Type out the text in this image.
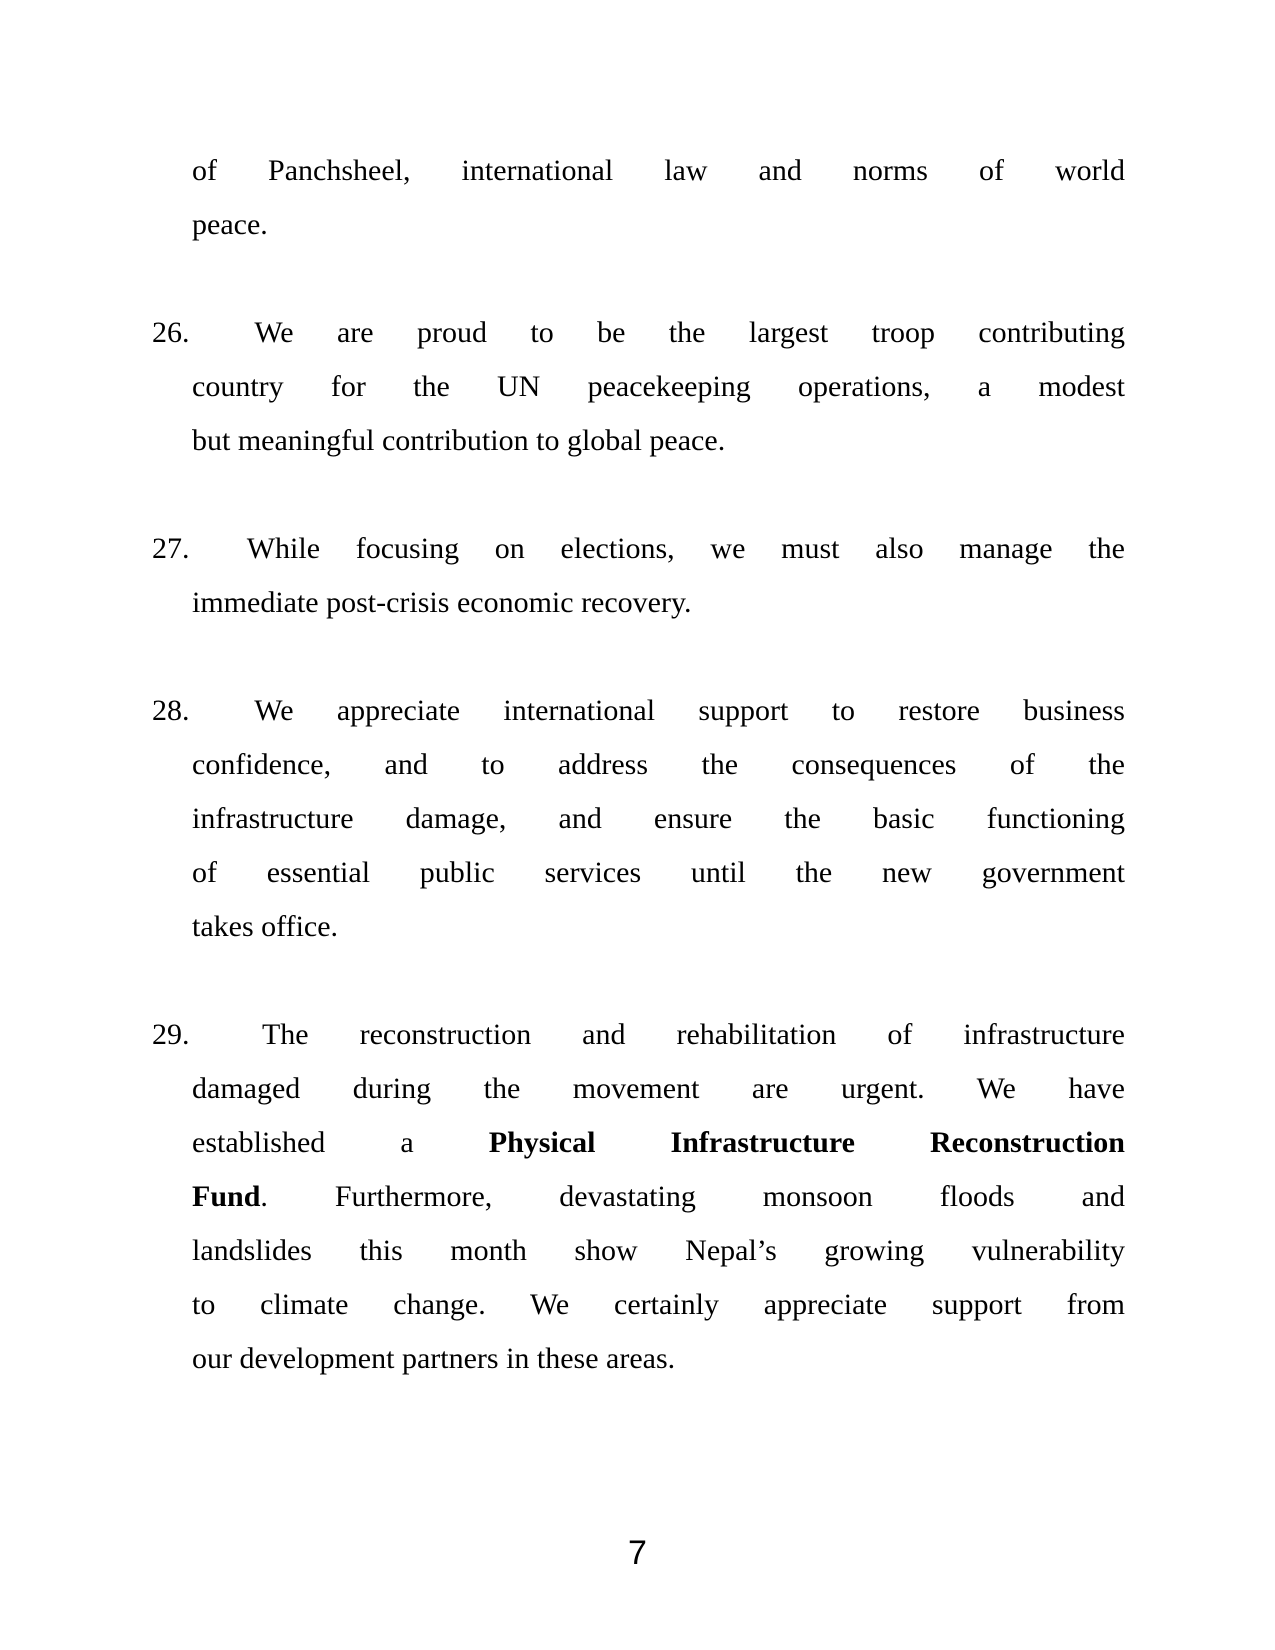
of Panchsheel, international law and norms of world
peace.
26. We are proud to be the largest troop contributing
country for the UN peacekeeping operations, a modest
but meaningful contribution to global peace.
27. While focusing on elections, we must also manage the
immediate post-crisis economic recovery.
28. We appreciate international support to restore business
confidence, and to address the consequences of the
infrastructure damage, and ensure the basic functioning
of essential public services until the new government
takes office.
29. The reconstruction and rehabilitation of infrastructure
damaged during the movement are urgent. We have
established a Physical Infrastructure Reconstruction
Fund. Furthermore, devastating monsoon floods and
landslides this month show Nepal’s growing vulnerability
to climate change. We certainly appreciate support from
our development partners in these areas.
7
